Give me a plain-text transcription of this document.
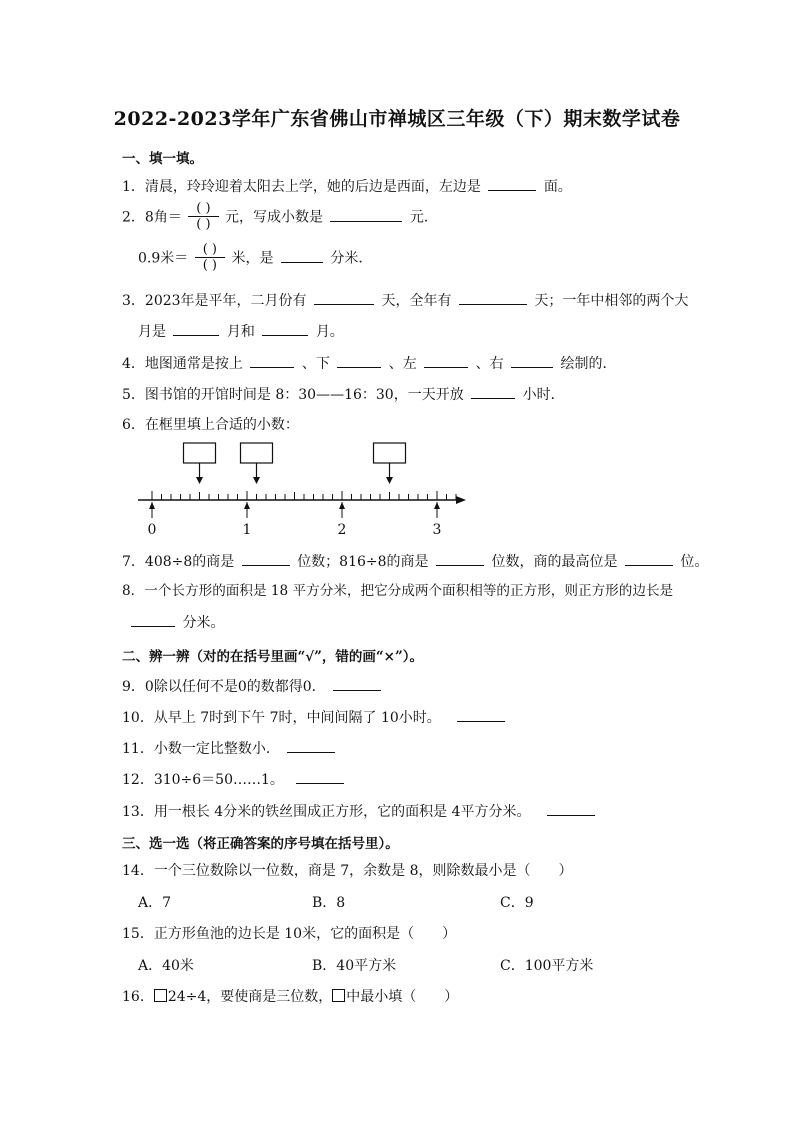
2022-2023学年广东省佛山市禅城区三年级（下）期末数学试卷
一、填一填。
1．清晨，玲玲迎着太阳去上学，她的后边是西面，左边是	面。
2．8角＝ $\frac{( )}{( )}$ 元，写成小数是	元．
0.9米＝ $\frac{( )}{( )}$ 米，是	分米．
3．2023年是平年，二月份有	天，全年有	天；一年中相邻的两个大
月是	月和	月。
4．地图通常是按上	、下	、左	、右	绘制的．
5．图书馆的开馆时间是 8：30——16：30，一天开放	小时．
6．在框里填上合适的小数：
0	1	2	3
7．408÷8的商是	位数；816÷8的商是	位数，商的最高位是	位。
8．一个长方形的面积是 18 平方分米，把它分成两个面积相等的正方形，则正方形的边长是
分米。
二、辨一辨（对的在括号里画“√”，错的画“×”）。
9．0除以任何不是0的数都得0．
10．从早上 7时到下午 7时，中间间隔了 10小时。
11．小数一定比整数小．
12．310÷6＝50……1。
13．用一根长 4分米的铁丝围成正方形，它的面积是 4平方分米。
三、选一选（将正确答案的序号填在括号里）。
14．一个三位数除以一位数，商是 7，余数是 8，则除数最小是（　　）
A．7	B．8	C．9
15．正方形鱼池的边长是 10米，它的面积是（　　）
A．40米	B．40平方米	C．100平方米
16． 24÷4，要使商是三位数， 中最小填（　　）
